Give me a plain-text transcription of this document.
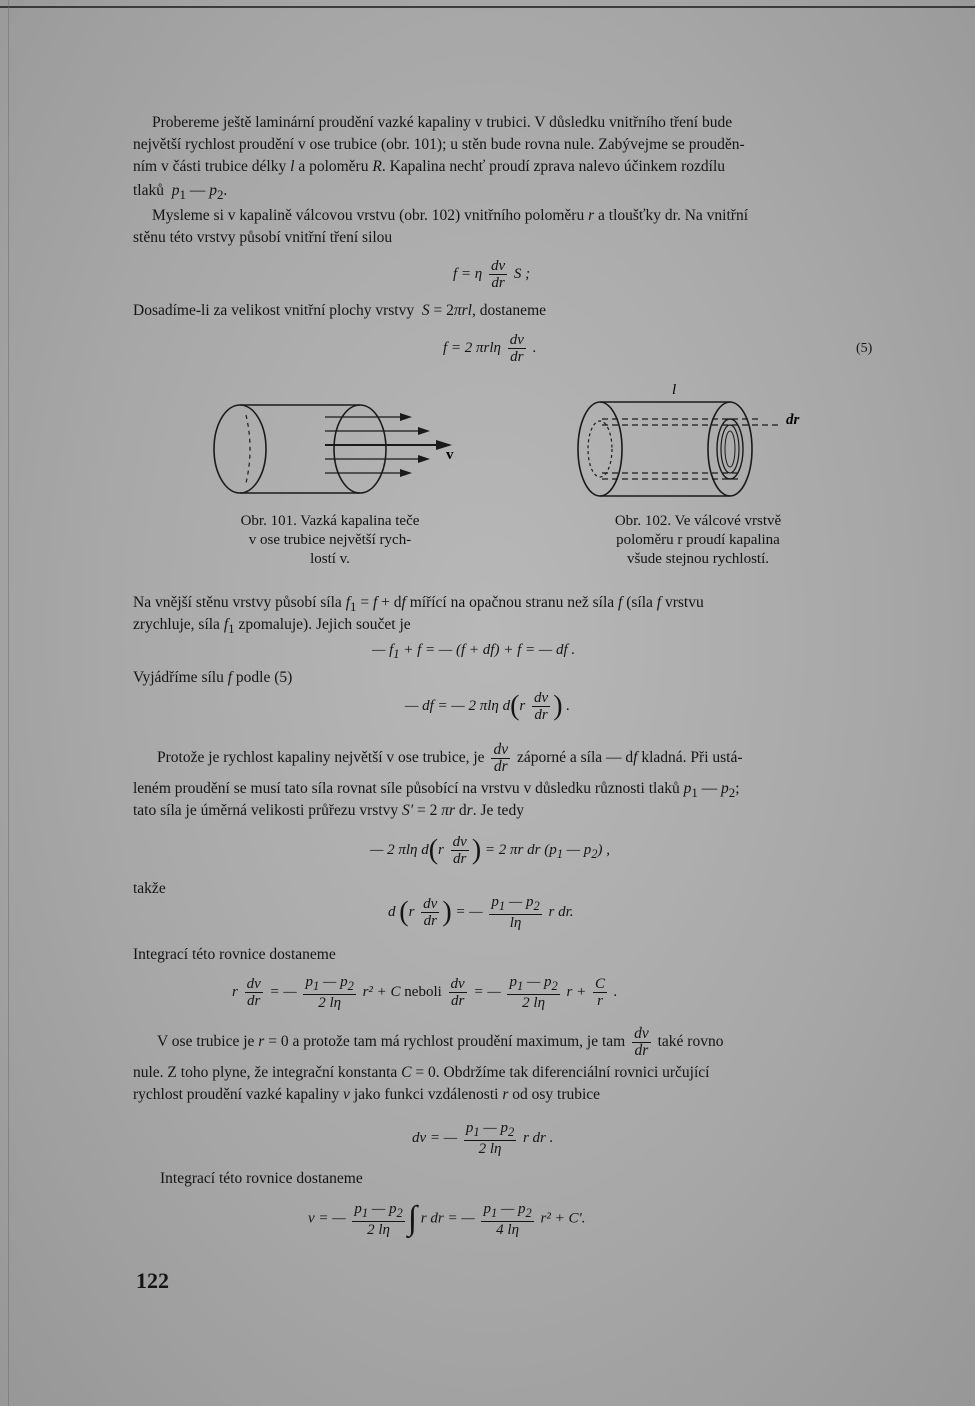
Probereme ještě laminární proudění vazké kapaliny v trubici. V důsledku vnitřního tření bude
největší rychlost proudění v ose trubice (obr. 101); u stěn bude rovna nule. Zabývejme se prouděn-
ním v části trubice délky l a poloměru R. Kapalina nechť proudí zprava nalevo účinkem rozdílu
tlaků $p_1$ — $p_2$.
Mysleme si v kapalině válcovou vrstvu (obr. 102) vnitřního poloměru r a tloušťky dr. Na vnitřní
stěnu této vrstvy působí vnitřní tření silou
f = η $\frac{dv}{dr}$ S ;
Dosadíme-li za velikost vnitřní plochy vrstvy S = 2πrl, dostaneme
f = 2 πrlη $\frac{dv}{dr}$ .	(5)
v
l
dr
Obr. 101. Vazká kapalina teče
v ose trubice největší rych-
lostí v.
Obr. 102. Ve válcové vrstvě
poloměru r proudí kapalina
všude stejnou rychlostí.
Na vnější stěnu vrstvy působí síla $f_1 = f$ + df mířící na opačnou stranu než síla f (síla f vrstvu
zrychluje, síla $f_1$ zpomaluje). Jejich součet je
— $f_1 + f$ = — (f + df) + f = — df .
Vyjádříme sílu f podle (5)
— df = — 2 πlη $d(r \frac{dv}{dr}$ ) .
Protože je rychlost kapaliny největší v ose trubice, je $\frac{dv}{dr}$ záporné a síla — df kladná. Při ustá-
leném proudění se musí tato síla rovnat síle působící na vrstvu v důsledku různosti tlaků $p_1$ — $p_2$;
tato síla je úměrná velikosti průřezu vrstvy S' = 2 πr dr. Je tedy
— 2 πlη $d(r \frac{dv}{dr}$ ) = 2 πr dr ($p_1$ — $p_2$) ,
takže
d ($r \frac{dv}{dr}$ ) = — $\frac{p_1 — p_2}{l\eta}$ r dr.
Integrací této rovnice dostaneme
r $\frac{dv}{dr}$ = — $\frac{p_1 — p_2}{2 l\eta} r^2 + C$ neboli $\frac{dv}{dr}$ = — $\frac{p_1 — p_2}{2 l\eta}$ $r + \frac{C}{r}$ .
V ose trubice je r = 0 a protože tam má rychlost proudění maximum, je tam $\frac{dv}{dr}$ také rovno
nule. Z toho plyne, že integrační konstanta C = 0. Obdržíme tak diferenciální rovnici určující
rychlost proudění vazké kapaliny v jako funkci vzdálenosti r od osy trubice
dv = — $\frac{p_1 — p_2}{2 l\eta}$ r dr .
Integrací této rovnice dostaneme
v = — $\frac{p_1 — p_2}{2 l\eta}$ ∫ r dr = — $\frac{p_1 — p_2}{4 l\eta} r^2 + C'$.
122
